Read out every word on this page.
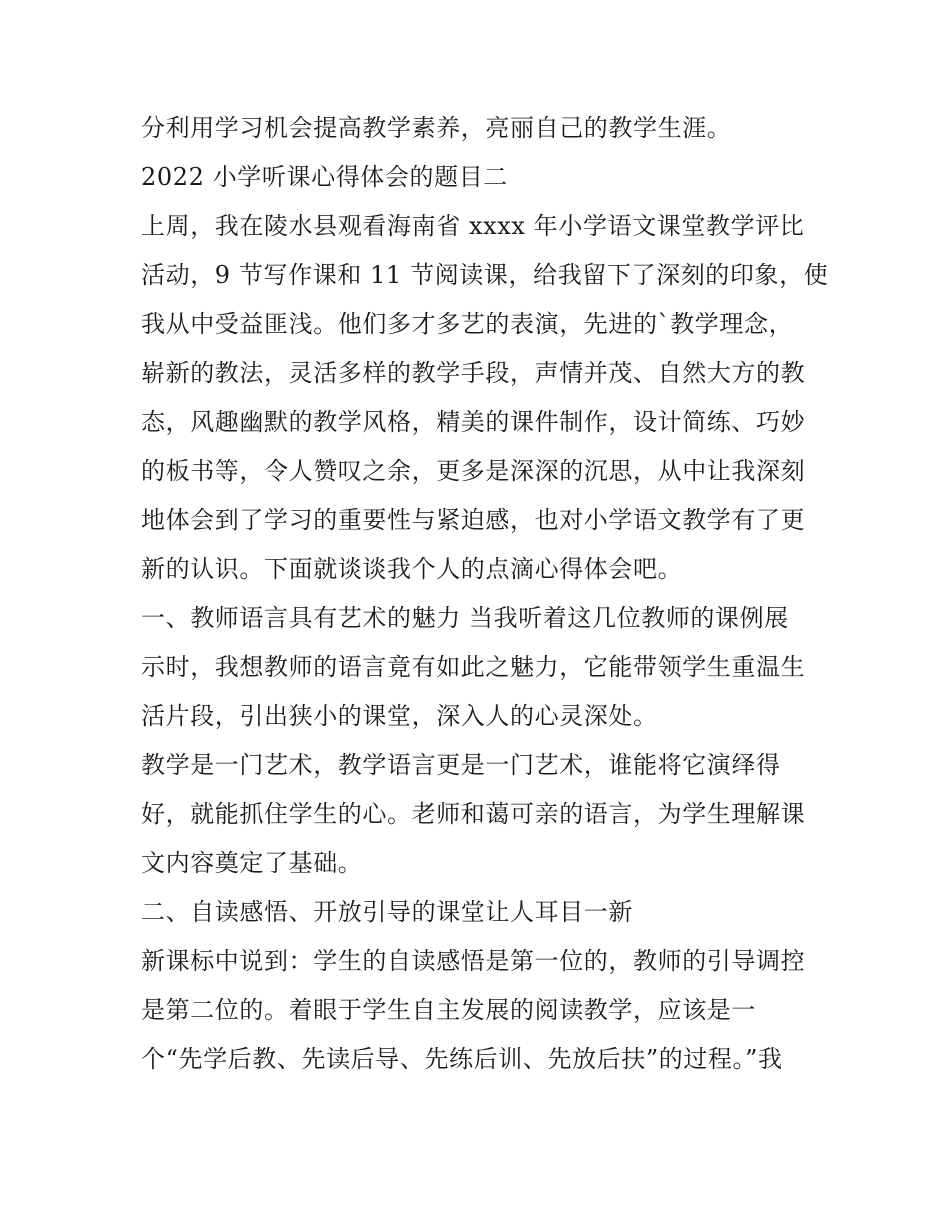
分利用学习机会提高教学素养，亮丽自己的教学生涯。
2022 小学听课心得体会的题目二
上周，我在陵水县观看海南省 xxxx 年小学语文课堂教学评比
活动，9 节写作课和 11 节阅读课，给我留下了深刻的印象，使
我从中受益匪浅。他们多才多艺的表演，先进的`教学理念，
崭新的教法，灵活多样的教学手段，声情并茂、自然大方的教
态，风趣幽默的教学风格，精美的课件制作，设计简练、巧妙
的板书等，令人赞叹之余，更多是深深的沉思，从中让我深刻
地体会到了学习的重要性与紧迫感，也对小学语文教学有了更
新的认识。下面就谈谈我个人的点滴心得体会吧。
一、教师语言具有艺术的魅力 当我听着这几位教师的课例展
示时，我想教师的语言竟有如此之魅力，它能带领学生重温生
活片段，引出狭小的课堂，深入人的心灵深处。
教学是一门艺术，教学语言更是一门艺术，谁能将它演绎得
好，就能抓住学生的心。老师和蔼可亲的语言，为学生理解课
文内容奠定了基础。
二、自读感悟、开放引导的课堂让人耳目一新
新课标中说到：学生的自读感悟是第一位的，教师的引导调控
是第二位的。着眼于学生自主发展的阅读教学，应该是一
个“先学后教、先读后导、先练后训、先放后扶”的过程。”我
